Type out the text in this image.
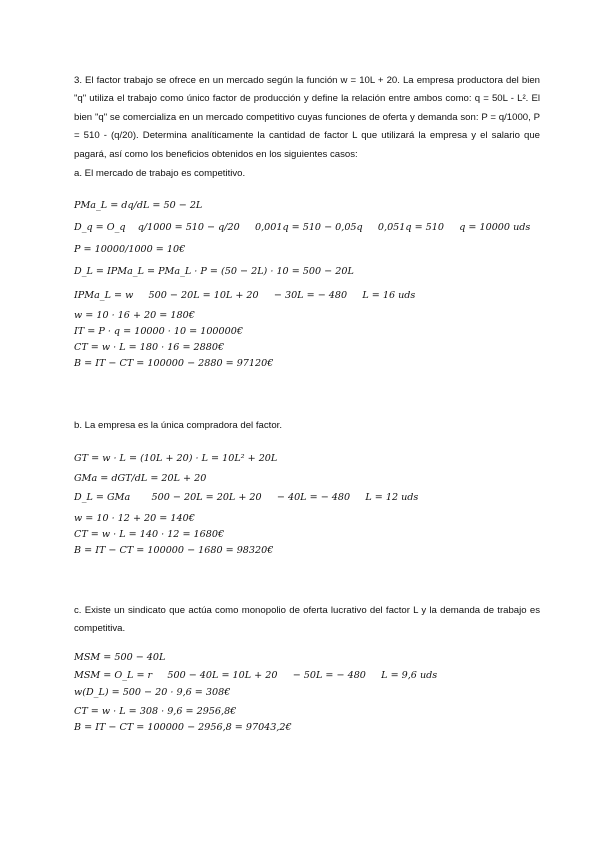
3. El factor trabajo se ofrece en un mercado según la función w = 10L + 20. La empresa productora del bien "q" utiliza el trabajo como único factor de producción y define la relación entre ambos como: q = 50L - L². El bien "q" se comercializa en un mercado competitivo cuyas funciones de oferta y demanda son: P = q/1000, P = 510 - (q/20). Determina analíticamente la cantidad de factor L que utilizará la empresa y el salario que pagará, así como los beneficios obtenidos en los siguientes casos:
a. El mercado de trabajo es competitivo.
PMa_L = dq/dL = 50 − 2L
D_q = O_q    q/1000 = 510 − q/20     0,001q = 510 − 0,05q     0,051q = 510     q = 10000 uds
P = 10000/1000 = 10€
D_L = IPMa_L = PMa_L · P = (50 − 2L) · 10 = 500 − 20L
IPMa_L = w     500 − 20L = 10L + 20     − 30L = − 480     L = 16 uds
w = 10 · 16 + 20 = 180€
IT = P · q = 10000 · 10 = 100000€
CT = w · L = 180 · 16 = 2880€
B = IT − CT = 100000 − 2880 = 97120€
b. La empresa es la única compradora del factor.
GT = w · L = (10L + 20) · L = 10L² + 20L
GMa = dGT/dL = 20L + 20
D_L = GMa       500 − 20L = 20L + 20     − 40L = − 480     L = 12 uds
w = 10 · 12 + 20 = 140€
CT = w · L = 140 · 12 = 1680€
B = IT − CT = 100000 − 1680 = 98320€
c. Existe un sindicato que actúa como monopolio de oferta lucrativo del factor L y la demanda de trabajo es competitiva.
MSM = 500 − 40L
MSM = O_L = r     500 − 40L = 10L + 20     − 50L = − 480     L = 9,6 uds
w(D_L) = 500 − 20 · 9,6 = 308€
CT = w · L = 308 · 9,6 = 2956,8€
B = IT − CT = 100000 − 2956,8 = 97043,2€
